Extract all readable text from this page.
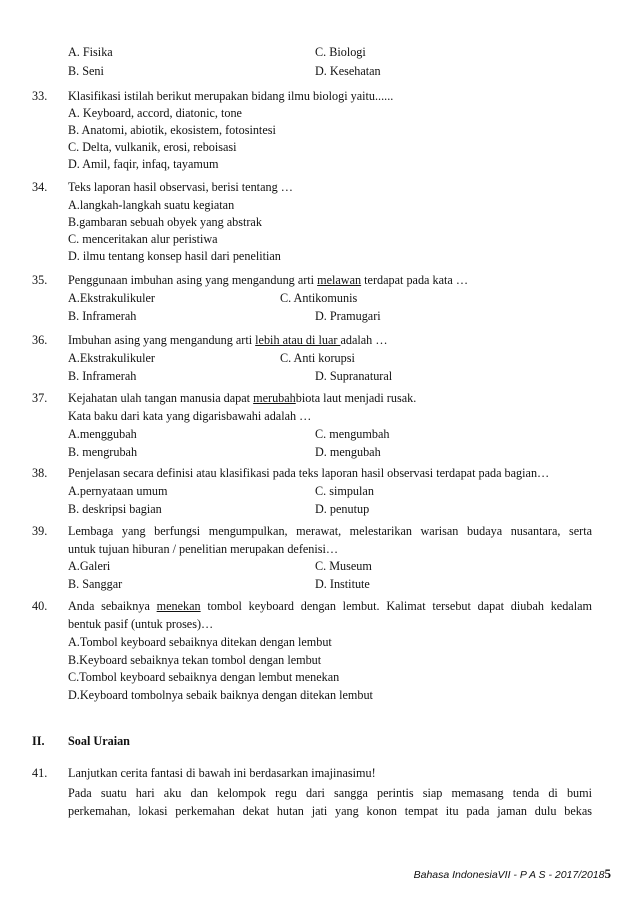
A. Fisika	C. Biologi
B. Seni	D. Kesehatan
33. Klasifikasi istilah berikut merupakan bidang ilmu biologi yaitu......
A. Keyboard, accord, diatonic, tone
B. Anatomi, abiotik, ekosistem, fotosintesi
C. Delta, vulkanik, erosi, reboisasi
D. Amil, faqir, infaq, tayamum
34. Teks laporan hasil observasi, berisi tentang …
A.langkah-langkah suatu kegiatan
B.gambaran sebuah obyek yang abstrak
C. menceritakan alur peristiwa
D. ilmu tentang konsep hasil dari penelitian
35. Penggunaan imbuhan asing yang mengandung arti melawan terdapat pada kata …
A.Ekstrakulikuler	C. Antikomunis
B. Inframerah	D. Pramugari
36. Imbuhan asing yang mengandung arti lebih atau di luar adalah …
A.Ekstrakulikuler	C. Anti korupsi
B. Inframerah	D. Supranatural
37. Kejahatan ulah tangan manusia dapat merubahbiota laut menjadi rusak.
Kata baku dari kata yang digarisbawahi adalah …
A.menggubah	C. mengumbah
B. mengrubah	D. mengubah
38. Penjelasan secara definisi atau klasifikasi pada teks laporan hasil observasi terdapat pada bagian…
A.pernyataan umum	C. simpulan
B. deskripsi bagian	D. penutup
39. Lembaga yang berfungsi mengumpulkan, merawat, melestarikan warisan budaya nusantara, serta
untuk tujuan hiburan / penelitian merupakan defenisi…
A.Galeri	C. Museum
B. Sanggar	D. Institute
40. Anda sebaiknya menekan tombol keyboard dengan lembut. Kalimat tersebut dapat diubah kedalam
bentuk pasif (untuk proses)…
A.Tombol keyboard sebaiknya ditekan dengan lembut
B.Keyboard sebaiknya tekan tombol dengan lembut
C.Tombol keyboard sebaiknya dengan lembut menekan
D.Keyboard tombolnya sebaik baiknya dengan ditekan lembut
II. Soal Uraian
41. Lanjutkan cerita fantasi di bawah ini berdasarkan imajinasimu!
Pada suatu hari aku dan kelompok regu dari sangga perintis siap memasang tenda di bumi
perkemahan, lokasi perkemahan dekat hutan jati yang konon tempat itu pada jaman dulu bekas
Bahasa IndonesiaVII - P A S - 2017/20185
